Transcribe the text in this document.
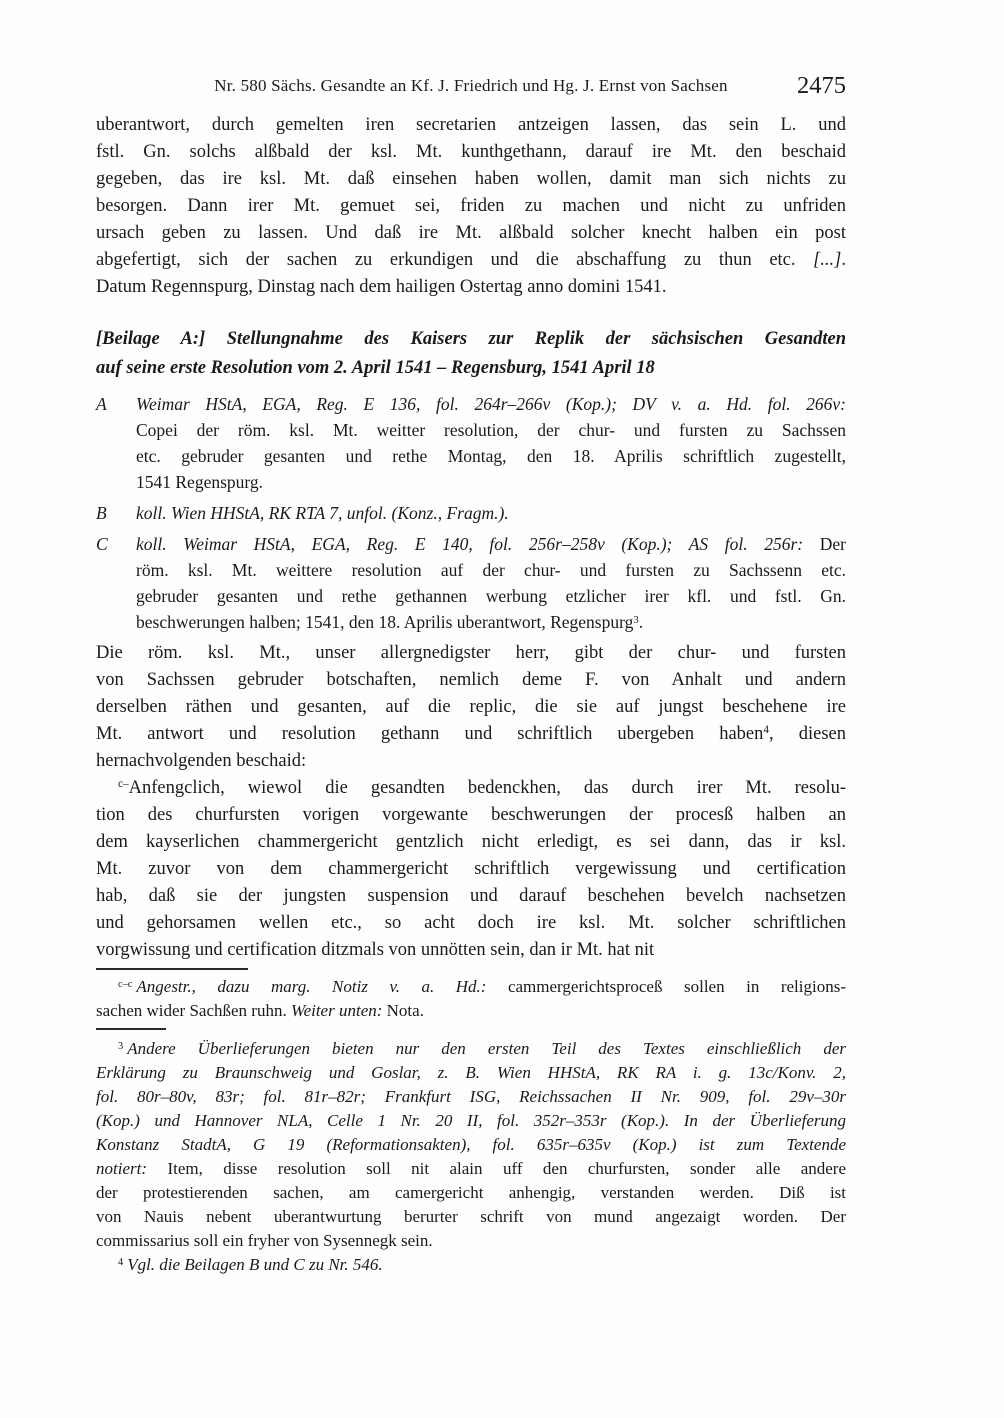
Nr. 580 Sächs. Gesandte an Kf. J. Friedrich und Hg. J. Ernst von Sachsen	2475
uberantwort, durch gemelten iren secretarien antzeigen lassen, das sein L. und
fstl. Gn. solchs alßbald der ksl. Mt. kunthgethann, darauf ire Mt. den beschaid
gegeben, das ire ksl. Mt. daß einsehen haben wollen, damit man sich nichts zu
besorgen. Dann irer Mt. gemuet sei, friden zu machen und nicht zu unfriden
ursach geben zu lassen. Und daß ire Mt. alßbald solcher knecht halben ein post
abgefertigt, sich der sachen zu erkundigen und die abschaffung zu thun etc. [...].
Datum Regennspurg, Dinstag nach dem hailigen Ostertag anno domini 1541.
[Beilage A:] Stellungnahme des Kaisers zur Replik der sächsischen Gesandten
auf seine erste Resolution vom 2. April 1541 – Regensburg, 1541 April 18
A Weimar HStA, EGA, Reg. E 136, fol. 264r–266v (Kop.); DV v. a. Hd. fol. 266v:
Copei der röm. ksl. Mt. weitter resolution, der chur- und fursten zu Sachssen
etc. gebruder gesanten und rethe Montag, den 18. Aprilis schriftlich zugestellt,
1541 Regenspurg.
B koll. Wien HHStA, RK RTA 7, unfol. (Konz., Fragm.).
C koll. Weimar HStA, EGA, Reg. E 140, fol. 256r–258v (Kop.); AS fol. 256r: Der
röm. ksl. Mt. weittere resolution auf der chur- und fursten zu Sachssenn etc.
gebruder gesanten und rethe gethannen werbung etzlicher irer kfl. und fstl. Gn.
beschwerungen halben; 1541, den 18. Aprilis uberantwort, Regenspurg$^3$.
Die röm. ksl. Mt., unser allergnedigster herr, gibt der chur- und fursten
von Sachssen gebruder botschaften, nemlich deme F. von Anhalt und andern
derselben räthen und gesanten, auf die replic, die sie auf jungst beschehene ire
Mt. antwort und resolution gethann und schriftlich ubergeben haben$^4$, diesen
hernachvolgenden beschaid:
$^{c-}$Anfengclich, wiewol die gesandten bedenckhen, das durch irer Mt. resolu-
tion des churfursten vorigen vorgewante beschwerungen der procesß halben an
dem kayserlichen chammergericht gentzlich nicht erledigt, es sei dann, das ir ksl.
Mt. zuvor von dem chammergericht schriftlich vergewissung und certification
hab, daß sie der jungsten suspension und darauf beschehen bevelch nachsetzen
und gehorsamen wellen etc., so acht doch ire ksl. Mt. solcher schriftlichen
vorgwissung und certification ditzmals von unnötten sein, dan ir Mt. hat nit
$^{c-c}$ Angestr., dazu marg. Notiz v. a. Hd.: cammergerichtsproceß sollen in religions-
sachen wider Sachßen ruhn. Weiter unten: Nota.
$^3$ Andere Überlieferungen bieten nur den ersten Teil des Textes einschließlich der
Erklärung zu Braunschweig und Goslar, z. B. Wien HHStA, RK RA i. g. 13c/Konv. 2,
fol. 80r–80v, 83r; fol. 81r–82r; Frankfurt ISG, Reichssachen II Nr. 909, fol. 29v–30r
(Kop.) und Hannover NLA, Celle 1 Nr. 20 II, fol. 352r–353r (Kop.). In der Überlieferung
Konstanz StadtA, G 19 (Reformationsakten), fol. 635r–635v (Kop.) ist zum Textende
notiert: Item, disse resolution soll nit alain uff den churfursten, sonder alle andere
der protestierenden sachen, am camergericht anhengig, verstanden werden. Diß ist
von Nauis nebent uberantwurtung berurter schrift von mund angezaigt worden. Der
commissarius soll ein fryher von Sysennegk sein.
$^4$ Vgl. die Beilagen B und C zu Nr. 546.
